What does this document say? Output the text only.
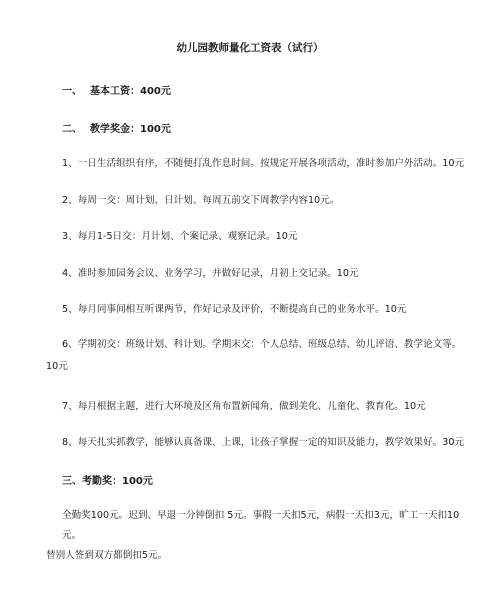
幼儿园教师量化工资表（试行）
一、 基本工资：400元
二、 教学奖金：100元
1、一日生活组织有序，不随便打乱作息时间。按规定开展各项活动，准时参加户外活动。10元
2、每周一交：周计划、日计划、每周五前交下周教学内容10元。
3、每月1-5日交：月计划、个案记录、观察记录。10元
4、准时参加园务会议、业务学习，并做好记录，月初上交记录。10元
5、每月同事间相互听课两节，作好记录及评价，不断提高自己的业务水平。10元
6、学期初交：班级计划、科计划。学期末交：个人总结、班级总结、幼儿评语、教学论文等。
10元
7、每月根据主题，进行大环境及区角布置新闻角，做到美化、儿童化、教育化。10元
8、每天扎实抓教学，能够认真备课、上课，让孩子掌握一定的知识及能力，教学效果好。30元
三、考勤奖：100元
全勤奖100元。迟到、早退一分钟倒扣 5元。事假一天扣5元，病假一天扣3元，旷工一天扣10元。
替别人签到双方都倒扣5元。
